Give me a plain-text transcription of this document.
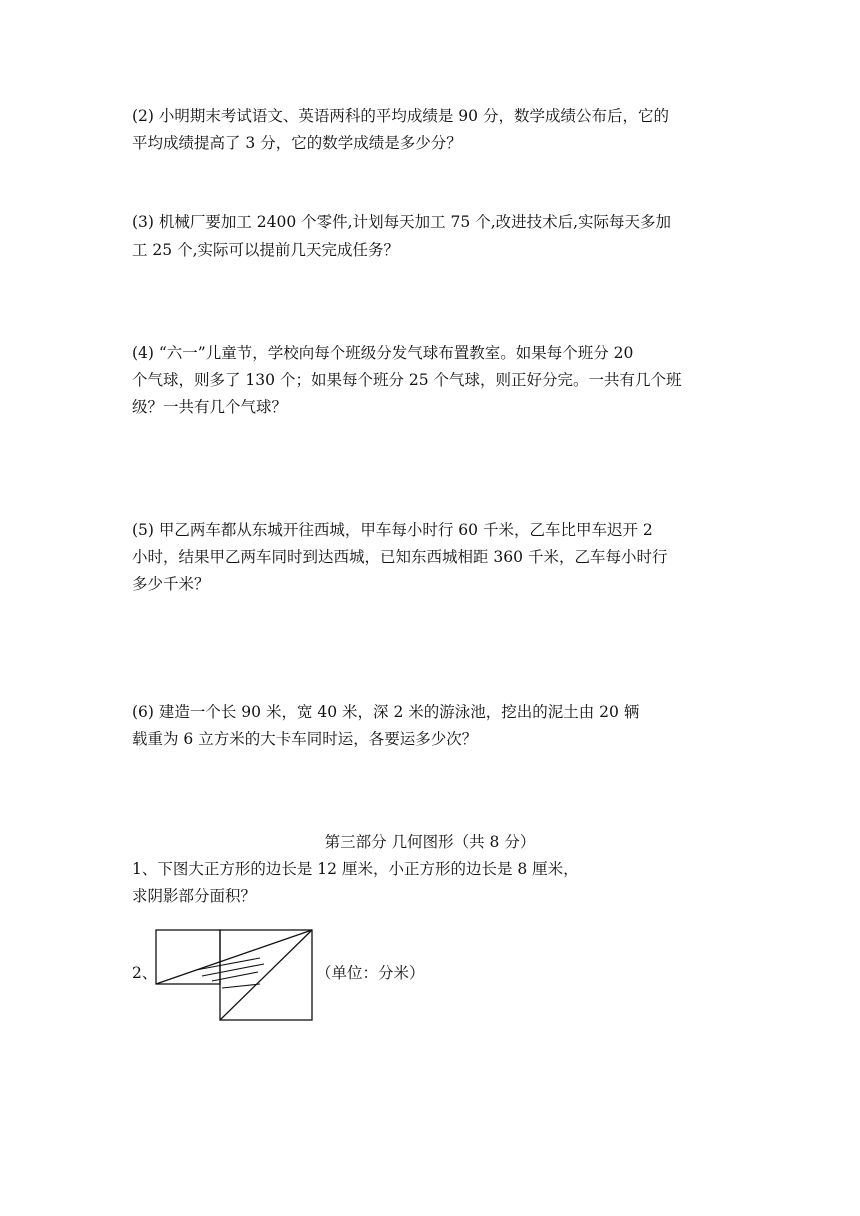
(2) 小明期末考试语文、英语两科的平均成绩是 90 分，数学成绩公布后，它的
平均成绩提高了 3 分，它的数学成绩是多少分？
(3) 机械厂要加工 2400 个零件,计划每天加工 75 个,改进技术后,实际每天多加
工 25 个,实际可以提前几天完成任务？
(4) “六一”儿童节，学校向每个班级分发气球布置教室。如果每个班分 20
个气球，则多了 130 个；如果每个班分 25 个气球，则正好分完。一共有几个班
级？一共有几个气球？
(5) 甲乙两车都从东城开往西城，甲车每小时行 60 千米，乙车比甲车迟开 2
小时，结果甲乙两车同时到达西城，已知东西城相距 360 千米，乙车每小时行
多少千米？
(6) 建造一个长 90 米，宽 40 米，深 2 米的游泳池，挖出的泥土由 20 辆
载重为 6 立方米的大卡车同时运，各要运多少次？
第三部分 几何图形（共 8 分）
1、下图大正方形的边长是 12 厘米，小正方形的边长是 8 厘米，
求阴影部分面积？
2、	（单位：分米）
